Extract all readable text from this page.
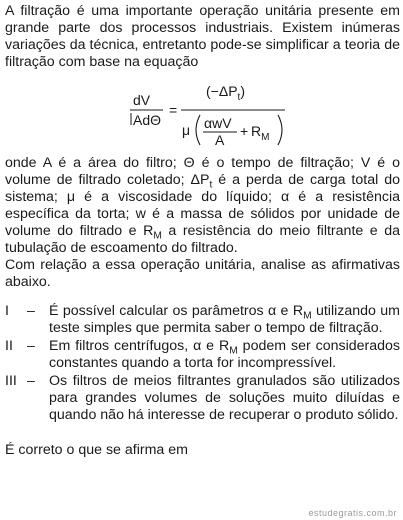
A filtração é uma importante operação unitária presente em grande parte dos processos industriais. Existem inúmeras variações da técnica, entretanto pode-se simplificar a teoria de filtração com base na equação

dV
AdΘ
=
$(-\Delta P_t)$
μ αwV
A
+ $R_M$

onde A é a área do filtro; Θ é o tempo de filtração; V é o volume de filtrado coletado; $\Delta P_t$ é a perda de carga total do sistema; μ é a viscosidade do líquido; α é a resistência específica da torta; w é a massa de sólidos por unidade de volume do filtrado e $R_M$ a resistência do meio filtrante e da tubulação de escoamento do filtrado.

Com relação a essa operação unitária, analise as afirmativas abaixo.

I	– É possível calcular os parâmetros α e $R_M$ utilizando um teste simples que permita saber o tempo de filtração.
II – Em filtros centrífugos, α e $R_M$ podem ser considerados constantes quando a torta for incompressível.
III – Os filtros de meios filtrantes granulados são utilizados para grandes volumes de soluções muito diluídas e quando não há interesse de recuperar o produto sólido.

É correto o que se afirma em

estudegratis.com.br
